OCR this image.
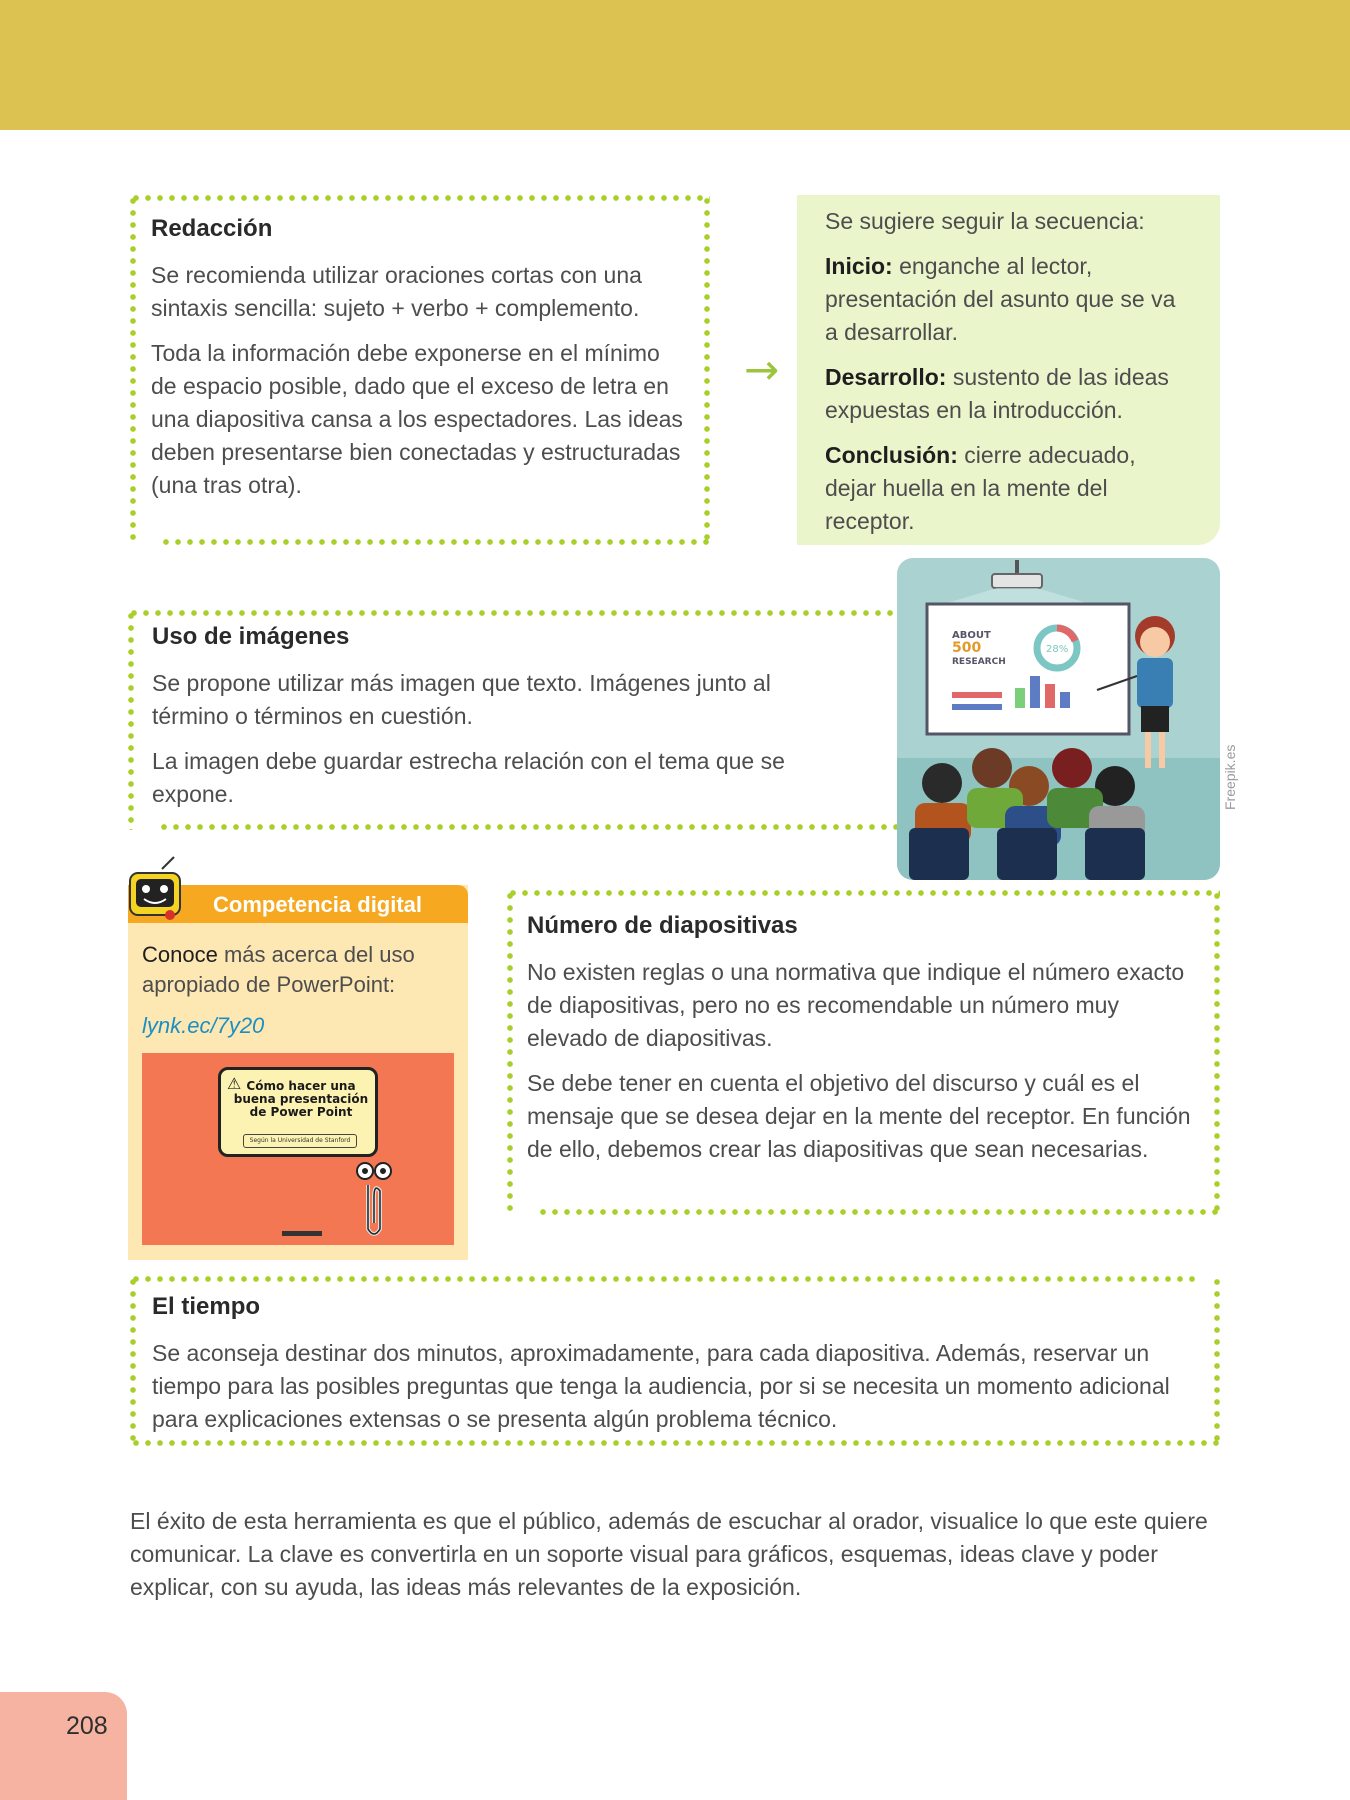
Redacción

Se recomienda utilizar oraciones cortas con una sintaxis sencilla: sujeto + verbo + complemento.

Toda la información debe exponerse en el mínimo de espacio posible, dado que el exceso de letra en una diapositiva cansa a los espectadores. Las ideas deben presentarse bien conectadas y estructuradas (una tras otra).

→

Se sugiere seguir la secuencia:

Inicio: enganche al lector, presentación del asunto que se va a desarrollar.

Desarrollo: sustento de las ideas expuestas en la introducción.

Conclusión: cierre adecuado, dejar huella en la mente del receptor.

Uso de imágenes

Se propone utilizar más imagen que texto. Imágenes junto al término o términos en cuestión.

La imagen debe guardar estrecha relación con el tema que se expone.

ABOUT
500
RESEARCH
28%
Freepik.es
Competencia digital
Conoce más acerca del uso apropiado de PowerPoint:
lynk.ec/7y20
⚠ Cómo hacer una buena presentación de Power Point
Según la Universidad de Stanford
Número de diapositivas

No existen reglas o una normativa que indique el número exacto de diapositivas, pero no es recomendable un número muy elevado de diapositivas.

Se debe tener en cuenta el objetivo del discurso y cuál es el mensaje que se desea dejar en la mente del receptor. En función de ello, debemos crear las diapositivas que sean necesarias.

El tiempo

Se aconseja destinar dos minutos, aproximadamente, para cada diapositiva. Además, reservar un tiempo para las posibles preguntas que tenga la audiencia, por si se necesita un momento adicional para explicaciones extensas o se presenta algún problema técnico.

El éxito de esta herramienta es que el público, además de escuchar al orador, visualice lo que este quiere comunicar. La clave es convertirla en un soporte visual para gráficos, esquemas, ideas clave y poder explicar, con su ayuda, las ideas más relevantes de la exposición.

208
